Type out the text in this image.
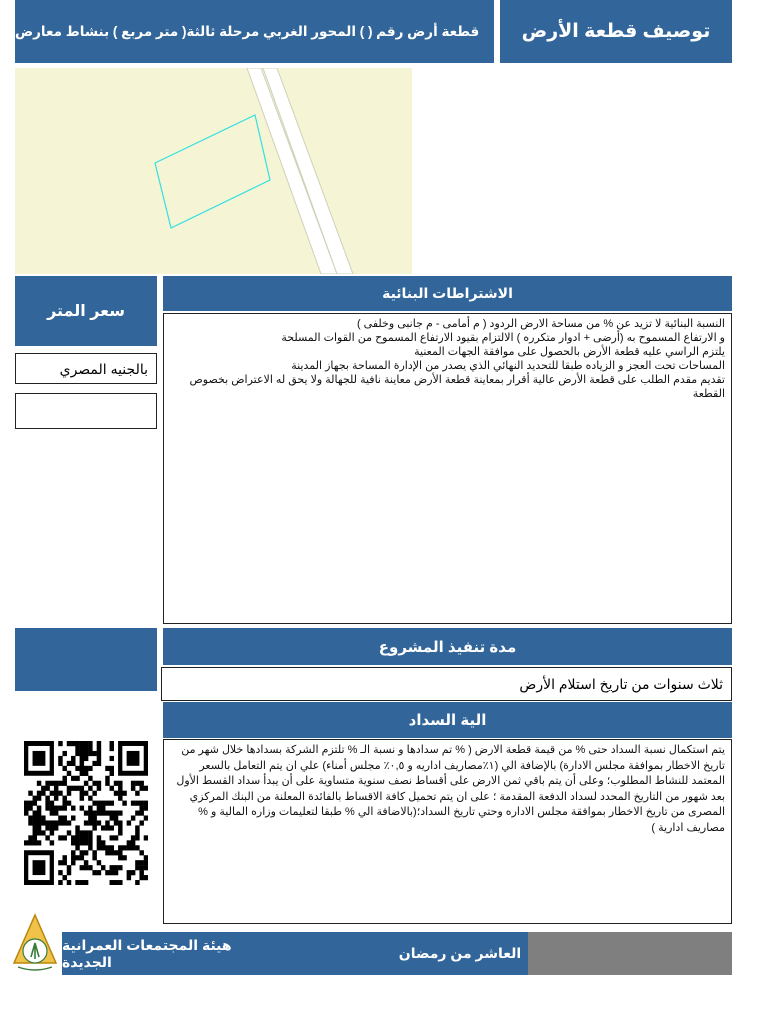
توصيف قطعة الأرض
قطعة أرض رقم ( ) المحور الغربي مرحلة ثالثة( متر مربع ) بنشاط معارض
سعر المتر
بالجنيه المصري
الاشتراطات البنائية
النسبة البنائية لا تزيد عن % من مساحة الارض الردود ( م أمامى - م جانبى وخلفى )
و الارتفاع المسموح به (أرضى + ادوار متكرره ) الالتزام بقيود الارتفاع المسموح من القوات المسلحة
يلتزم الراسي عليه قطعة الأرض بالحصول على موافقة الجهات المعنية
المساحات تحت العجز و الزياده طبقا للتحديد النهائي الذي يصدر من الإدارة المساحة بجهاز المدينة
تقديم مقدم الطلب على قطعة الأرض عالية أقرار بمعاينة قطعة الأرض معاينة نافية للجهالة ولا يحق له الاعتراض بخصوص القطعة
مدة تنفيذ المشروع
ثلاث سنوات من تاريخ استلام الأرض
الية السداد
يتم استكمال نسبة السداد حتى % من قيمة قطعة الارض ( % تم سدادها و نسبة الـ % تلتزم الشركة بسدادها خلال شهر من تاريخ الاخطار بموافقة مجلس الادارة) بالإضافة الي (١٪مصاريف اداريه و ٠,٥٪ مجلس أمناء) علي ان يتم التعامل بالسعر المعتمد للنشاط المطلوب؛ وعلى أن يتم باقي ثمن الارض على أقساط نصف سنوية متساوية على أن يبدأ سداد القسط الأول بعد شهور من التاريخ المحدد لسداد الدفعة المقدمة ؛ على ان يتم تحميل كافة الاقساط بالفائدة المعلنة من البنك المركزي المصرى من تاريخ الاخطار بموافقة مجلس الاداره وحتي تاريخ السداد؛(بالاضافة الي % طبقا لتعليمات وزاره المالية و % مصاريف ادارية )
هيئة المجتمعات العمرانية الجديدة
العاشر من رمضان
